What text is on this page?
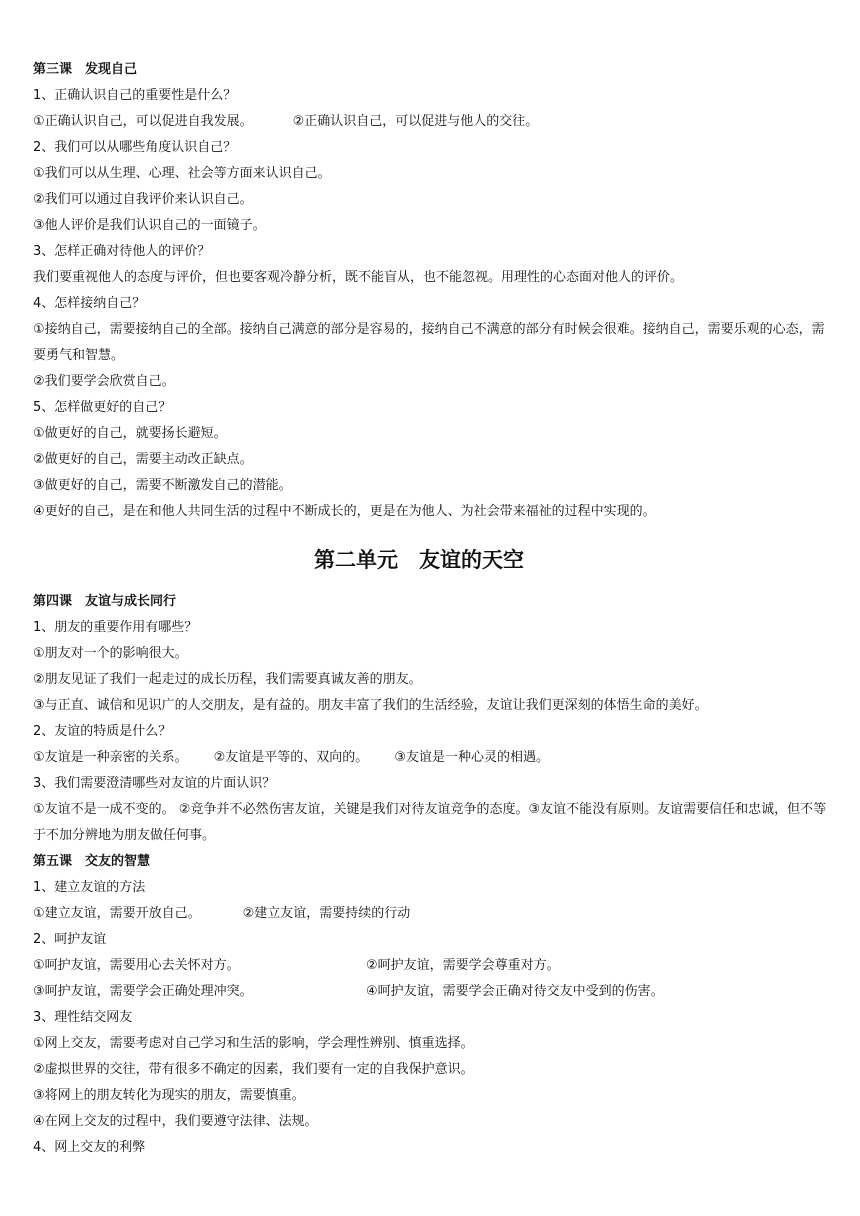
第三课　发现自己
1、正确认识自己的重要性是什么？
①正确认识自己，可以促进自我发展。	②正确认识自己，可以促进与他人的交往。
2、我们可以从哪些角度认识自己？
①我们可以从生理、心理、社会等方面来认识自己。
②我们可以通过自我评价来认识自己。
③他人评价是我们认识自己的一面镜子。
3、怎样正确对待他人的评价？
我们要重视他人的态度与评价，但也要客观冷静分析，既不能盲从，也不能忽视。用理性的心态面对他人的评价。
4、怎样接纳自己？
①接纳自己，需要接纳自己的全部。接纳自己满意的部分是容易的，接纳自己不满意的部分有时候会很难。接纳自己，需要乐观的心态，需要勇气和智慧。
②我们要学会欣赏自己。
5、怎样做更好的自己？
①做更好的自己，就要扬长避短。
②做更好的自己，需要主动改正缺点。
③做更好的自己，需要不断激发自己的潜能。
④更好的自己，是在和他人共同生活的过程中不断成长的，更是在为他人、为社会带来福祉的过程中实现的。
第二单元　友谊的天空
第四课　友谊与成长同行
1、朋友的重要作用有哪些？
①朋友对一个的影响很大。
②朋友见证了我们一起走过的成长历程，我们需要真诚友善的朋友。
③与正直、诚信和见识广的人交朋友，是有益的。朋友丰富了我们的生活经验，友谊让我们更深刻的体悟生命的美好。
2、友谊的特质是什么？
①友谊是一种亲密的关系。 ②友谊是平等的、双向的。 ③友谊是一种心灵的相遇。
3、我们需要澄清哪些对友谊的片面认识？
①友谊不是一成不变的。 ②竞争并不必然伤害友谊，关键是我们对待友谊竞争的态度。③友谊不能没有原则。友谊需要信任和忠诚，但不等于不加分辨地为朋友做任何事。
第五课　交友的智慧
1、建立友谊的方法
①建立友谊，需要开放自己。	②建立友谊，需要持续的行动
2、呵护友谊
①呵护友谊，需要用心去关怀对方。	②呵护友谊，需要学会尊重对方。
③呵护友谊，需要学会正确处理冲突。	④呵护友谊，需要学会正确对待交友中受到的伤害。
3、理性结交网友
①网上交友，需要考虑对自己学习和生活的影响，学会理性辨别、慎重选择。
②虚拟世界的交往，带有很多不确定的因素，我们要有一定的自我保护意识。
③将网上的朋友转化为现实的朋友，需要慎重。
④在网上交友的过程中，我们要遵守法律、法规。
4、网上交友的利弊
